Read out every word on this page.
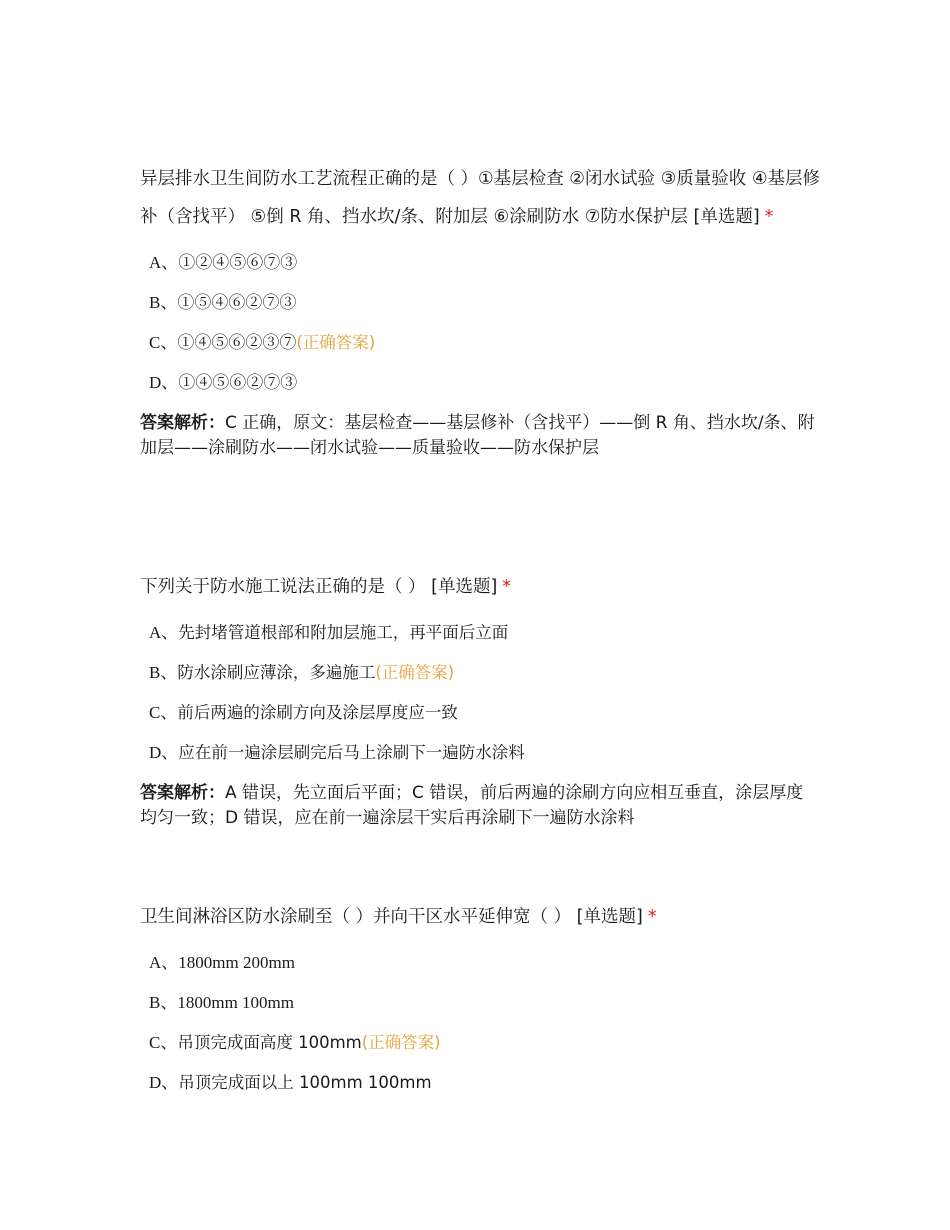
异层排水卫生间防水工艺流程正确的是（ ）①基层检查 ②闭水试验 ③质量验收 ④基层修补（含找平） ⑤倒 R 角、挡水坎/条、附加层 ⑥涂刷防水 ⑦防水保护层 [单选题] *

A、①②④⑤⑥⑦③
B、①⑤④⑥②⑦③
C、①④⑤⑥②③⑦(正确答案)
D、①④⑤⑥②⑦③
答案解析：C 正确，原文：基层检查——基层修补（含找平）——倒 R 角、挡水坎/条、附加层——涂刷防水——闭水试验——质量验收——防水保护层

下列关于防水施工说法正确的是（ ） [单选题] *

A、先封堵管道根部和附加层施工，再平面后立面
B、防水涂刷应薄涂，多遍施工(正确答案)
C、前后两遍的涂刷方向及涂层厚度应一致
D、应在前一遍涂层刷完后马上涂刷下一遍防水涂料
答案解析：A 错误，先立面后平面；C 错误，前后两遍的涂刷方向应相互垂直，涂层厚度均匀一致；D 错误，应在前一遍涂层干实后再涂刷下一遍防水涂料

卫生间淋浴区防水涂刷至（ ）并向干区水平延伸宽（ ） [单选题] *

A、1800mm 200mm
B、1800mm 100mm
C、吊顶完成面高度 100mm(正确答案)
D、吊顶完成面以上 100mm 100mm
